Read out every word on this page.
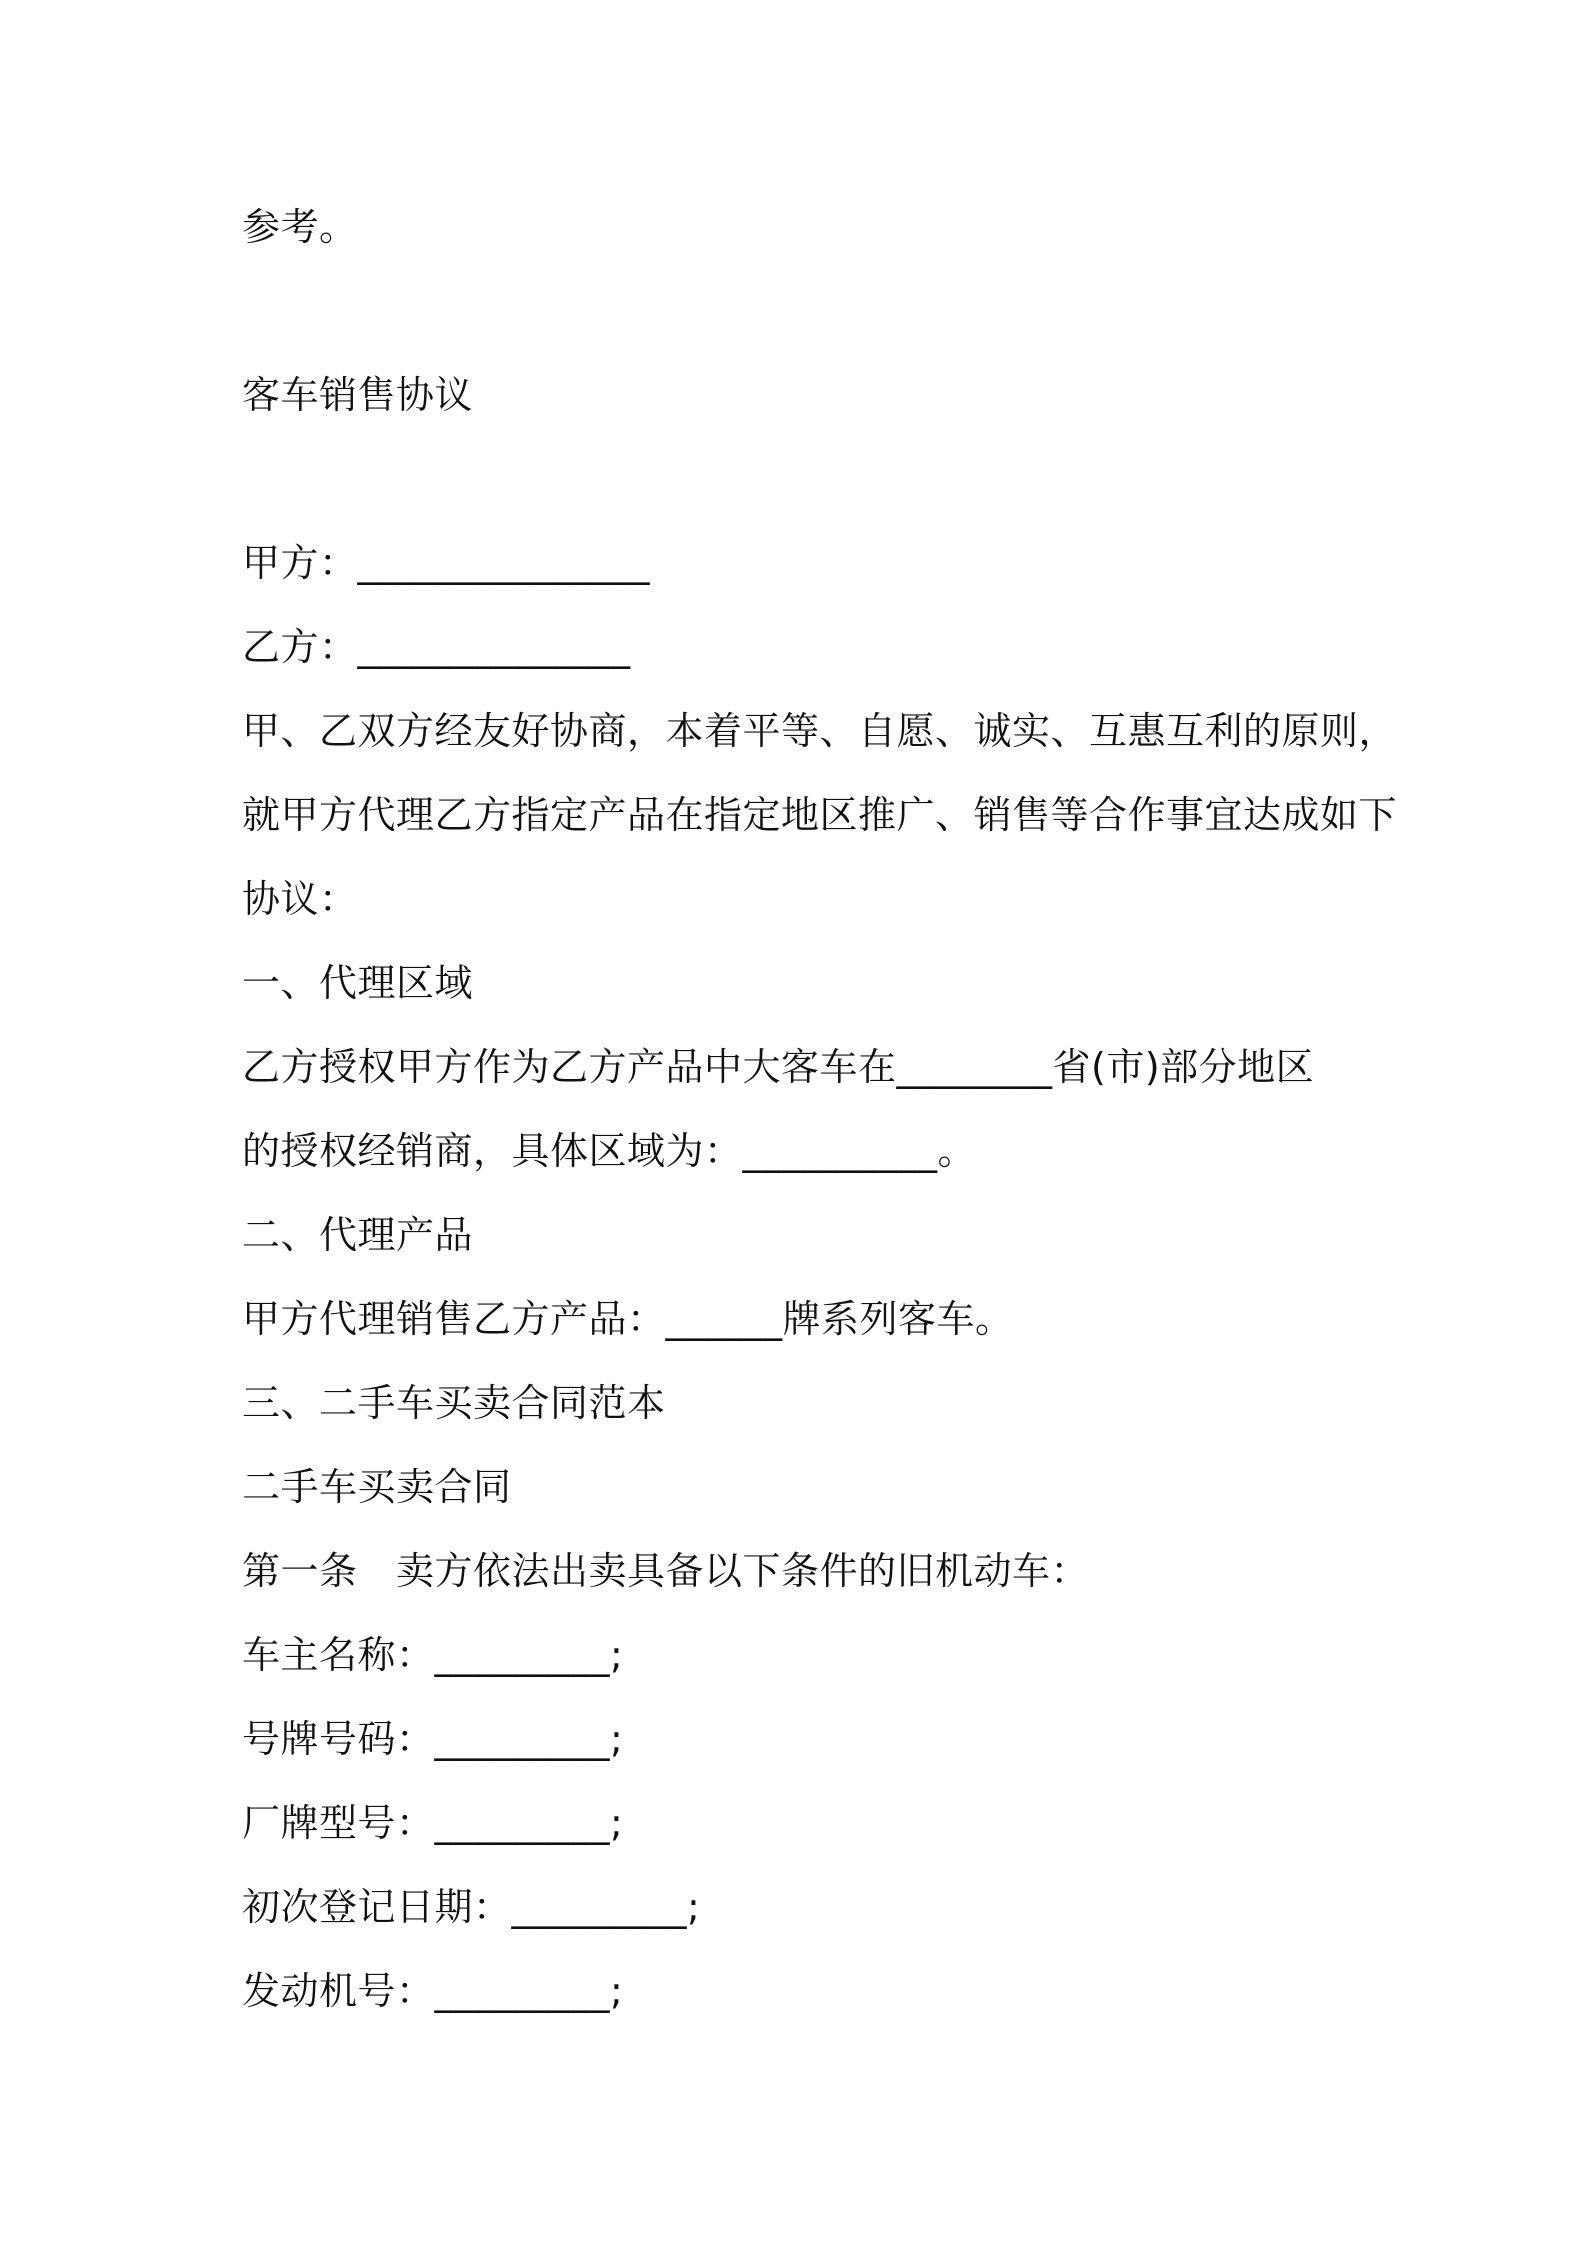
参考。
客车销售协议
甲方：_______________
乙方：______________
甲、乙双方经友好协商，本着平等、自愿、诚实、互惠互利的原则，
就甲方代理乙方指定产品在指定地区推广、销售等合作事宜达成如下
协议：
一、代理区域
乙方授权甲方作为乙方产品中大客车在________省(市)部分地区
的授权经销商，具体区域为：__________。
二、代理产品
甲方代理销售乙方产品：______牌系列客车。
三、二手车买卖合同范本
二手车买卖合同
第一条　卖方依法出卖具备以下条件的旧机动车：
车主名称：_________;
号牌号码：_________;
厂牌型号：_________;
初次登记日期：_________;
发动机号：_________;
